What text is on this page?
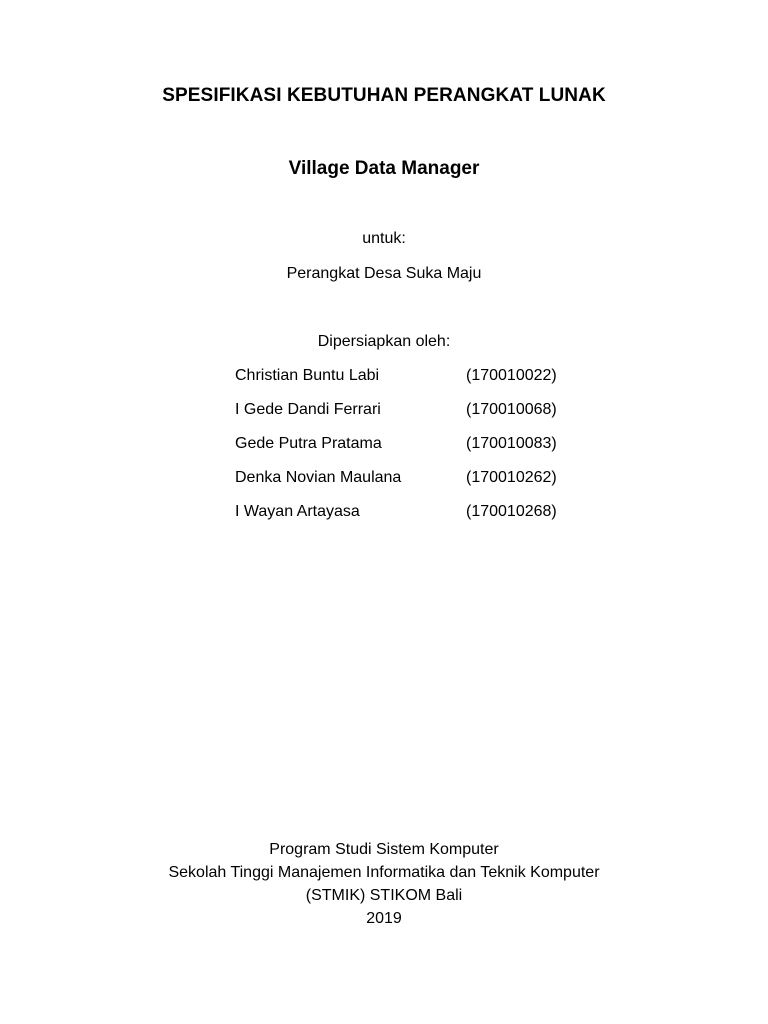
SPESIFIKASI KEBUTUHAN PERANGKAT LUNAK
Village Data Manager
untuk:
Perangkat Desa Suka Maju
Dipersiapkan oleh:
Christian Buntu Labi	(170010022)
I Gede Dandi Ferrari	(170010068)
Gede Putra Pratama	(170010083)
Denka Novian Maulana	(170010262)
I Wayan Artayasa	(170010268)
Program Studi Sistem Komputer
Sekolah Tinggi Manajemen Informatika dan Teknik Komputer
(STMIK) STIKOM Bali
2019
